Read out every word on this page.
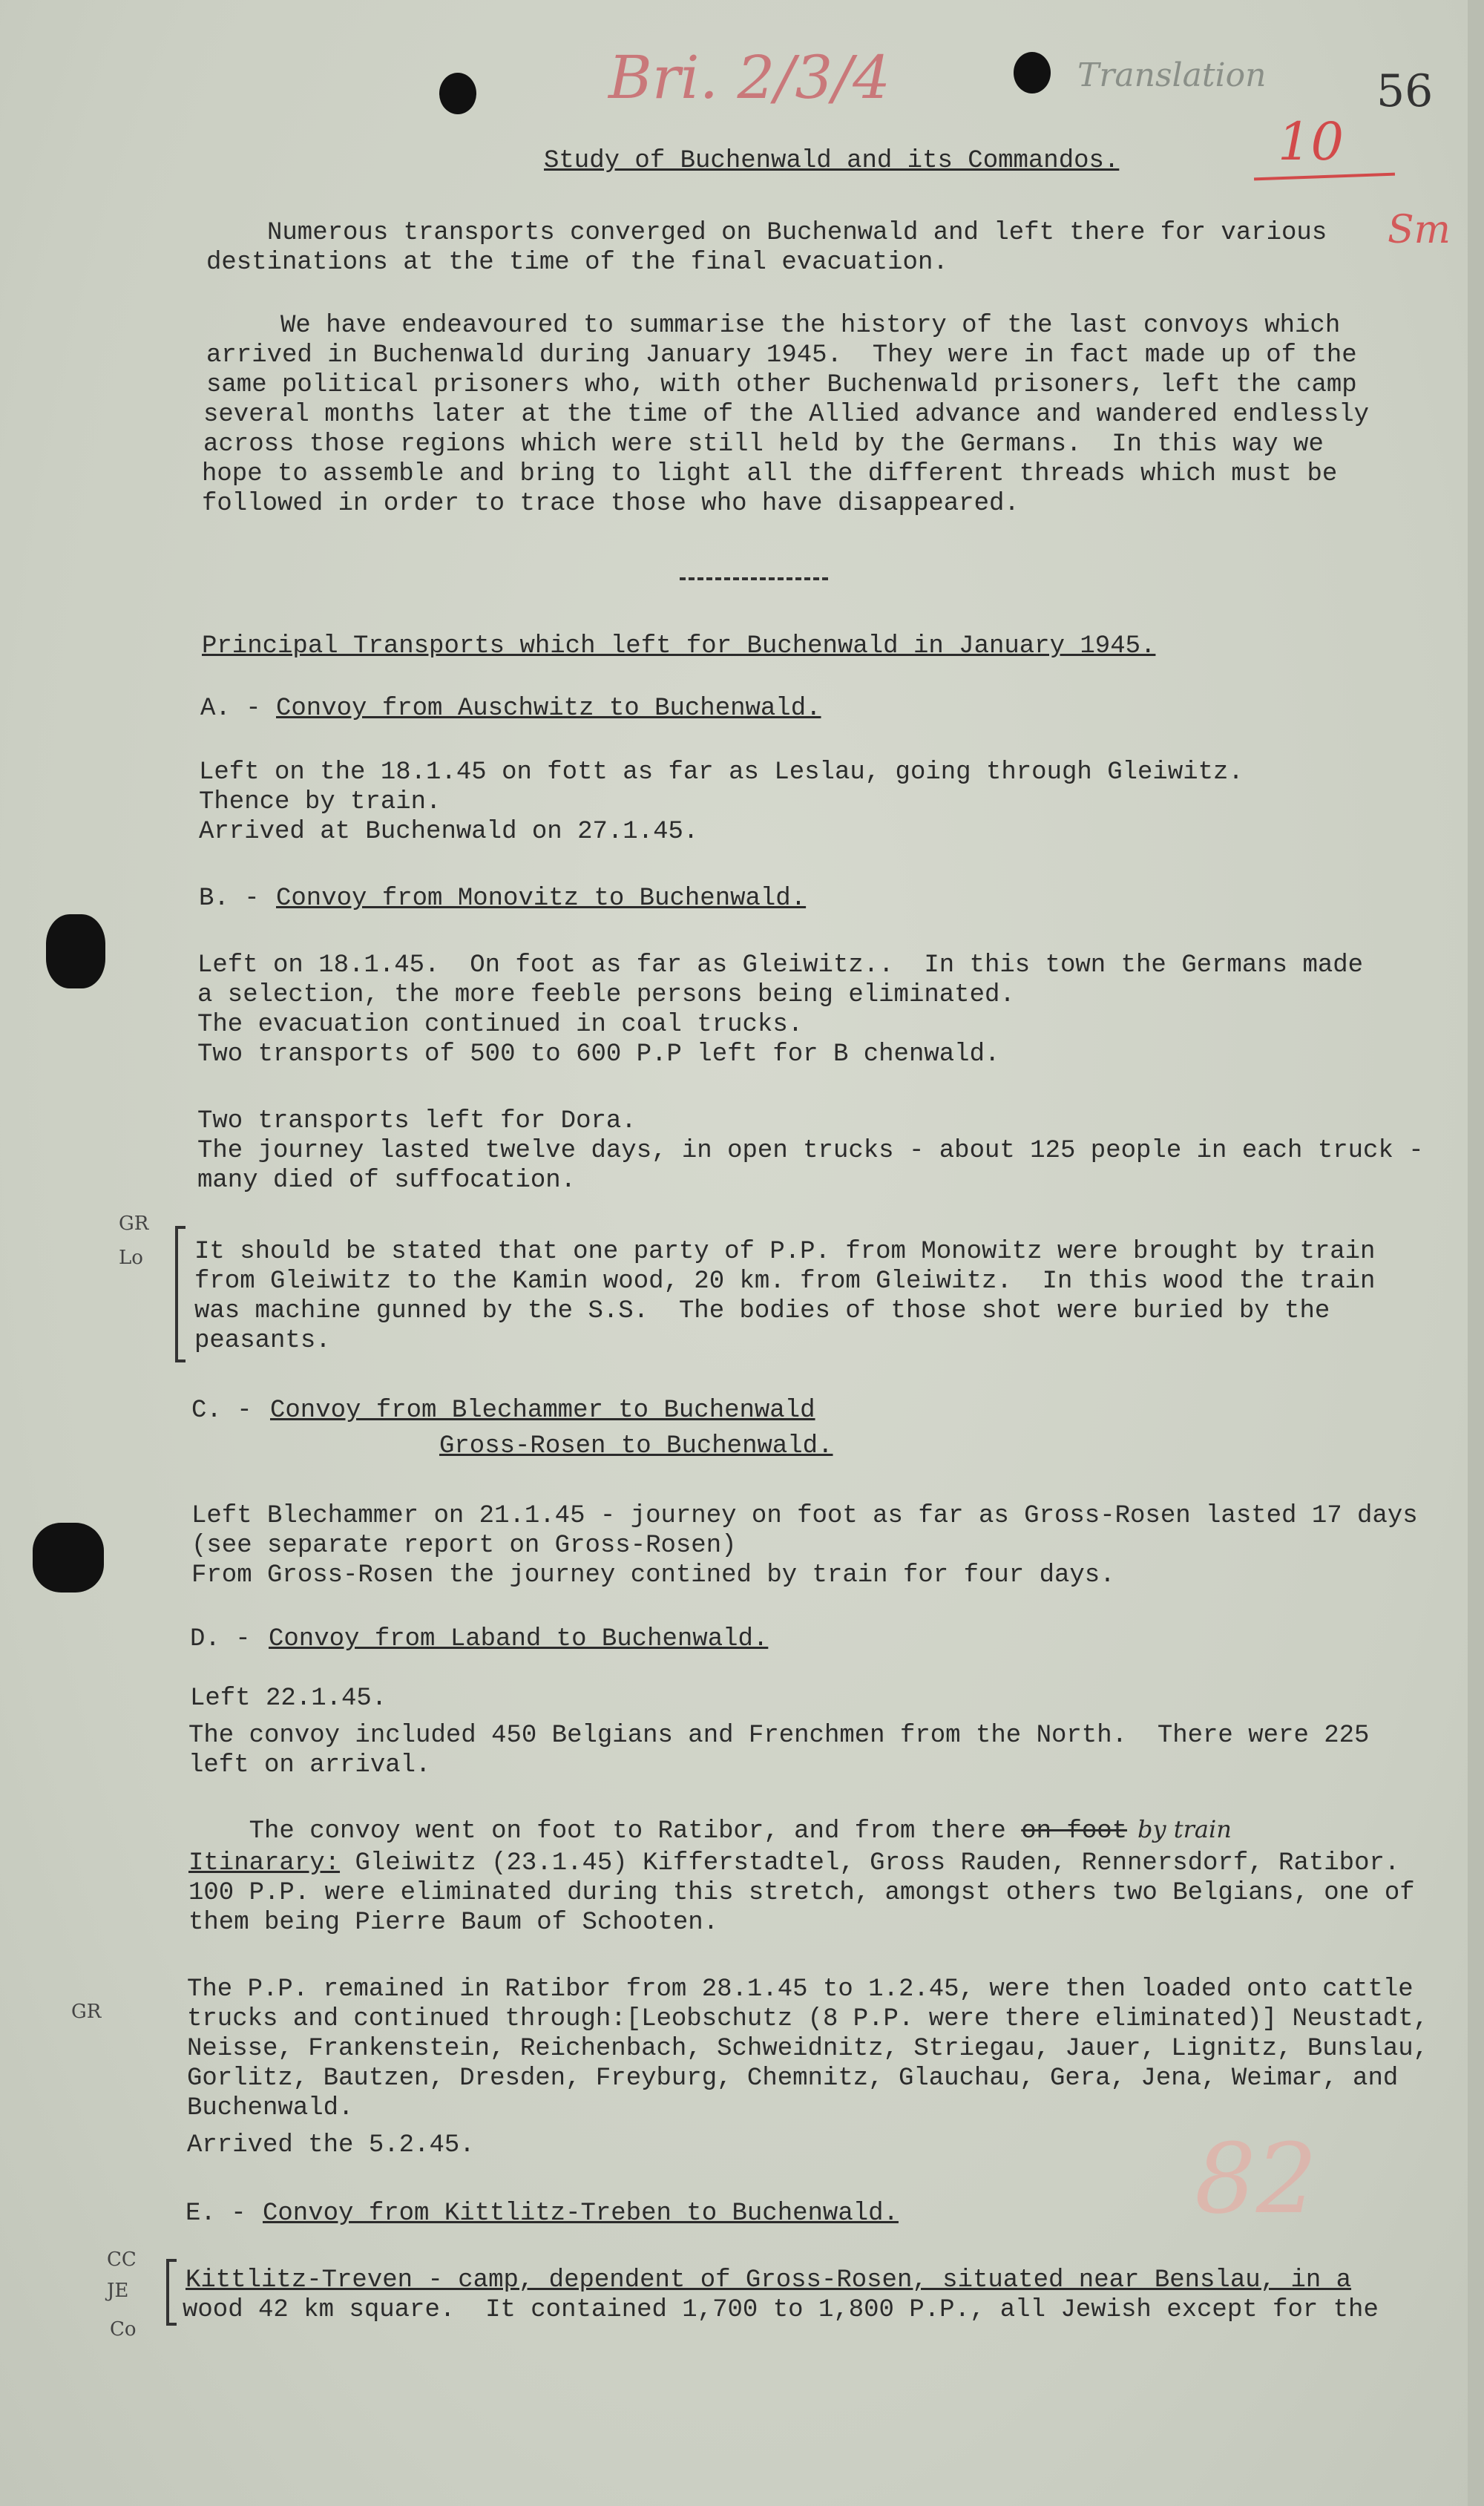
Bri. 2/3/4	Translation 56
10
Sm
Study of Buchenwald and its Commandos.
Numerous transports converged on Buchenwald and left there for various
destinations at the time of the final evacuation.
We have endeavoured to summarise the history of the last convoys which
arrived in Buchenwald during January 1945.  They were in fact made up of the
same political prisoners who, with other Buchenwald prisoners, left the camp
several months later at the time of the Allied advance and wandered endlessly
across those regions which were still held by the Germans.  In this way we
hope to assemble and bring to light all the different threads which must be
followed in order to trace those who have disappeared.
Principal Transports which left for Buchenwald in January 1945.
A. - Convoy from Auschwitz to Buchenwald.
Left on the 18.1.45 on fott as far as Leslau, going through Gleiwitz.
Thence by train.
Arrived at Buchenwald on 27.1.45.
B. - Convoy from Monovitz to Buchenwald.
Left on 18.1.45.  On foot as far as Gleiwitz..  In this town the Germans made
a selection, the more feeble persons being eliminated.
The evacuation continued in coal trucks.
Two transports of 500 to 600 P.P left for B chenwald.
Two transports left for Dora.
The journey lasted twelve days, in open trucks - about 125 people in each truck -
many died of suffocation.
GR
Lo It should be stated that one party of P.P. from Monowitz were brought by train
from Gleiwitz to the Kamin wood, 20 km. from Gleiwitz.  In this wood the train
was machine gunned by the S.S.  The bodies of those shot were buried by the
peasants.
C. - Convoy from Blechammer to Buchenwald
Gross-Rosen to Buchenwald.
Left Blechammer on 21.1.45 - journey on foot as far as Gross-Rosen lasted 17 days
(see separate report on Gross-Rosen)
From Gross-Rosen the journey contined by train for four days.
D. - Convoy from Laband to Buchenwald.
Left 22.1.45.
The convoy included 450 Belgians and Frenchmen from the North.  There were 225
left on arrival.

The convoy went on foot to Ratibor, and from there on foot by train

Itinarary: Gleiwitz (23.1.45) Kifferstadtel, Gross Rauden, Rennersdorf, Ratibor.
100 P.P. were eliminated during this stretch, amongst others two Belgians, one of
them being Pierre Baum of Schooten.
GR
The P.P. remained in Ratibor from 28.1.45 to 1.2.45, were then loaded onto cattle
trucks and continued through:[Leobschutz (8 P.P. were there eliminated)] Neustadt,
Neisse, Frankenstein, Reichenbach, Schweidnitz, Striegau, Jauer, Lignitz, Bunslau,
Gorlitz, Bautzen, Dresden, Freyburg, Chemnitz, Glauchau, Gera, Jena, Weimar, and
Buchenwald.
Arrived the 5.2.45.	82
E. - Convoy from Kittlitz-Treben to Buchenwald.
CC
JE
Co
Kittlitz-Treven - camp, dependent of Gross-Rosen, situated near Benslau, in a
wood 42 km square.  It contained 1,700 to 1,800 P.P., all Jewish except for the
